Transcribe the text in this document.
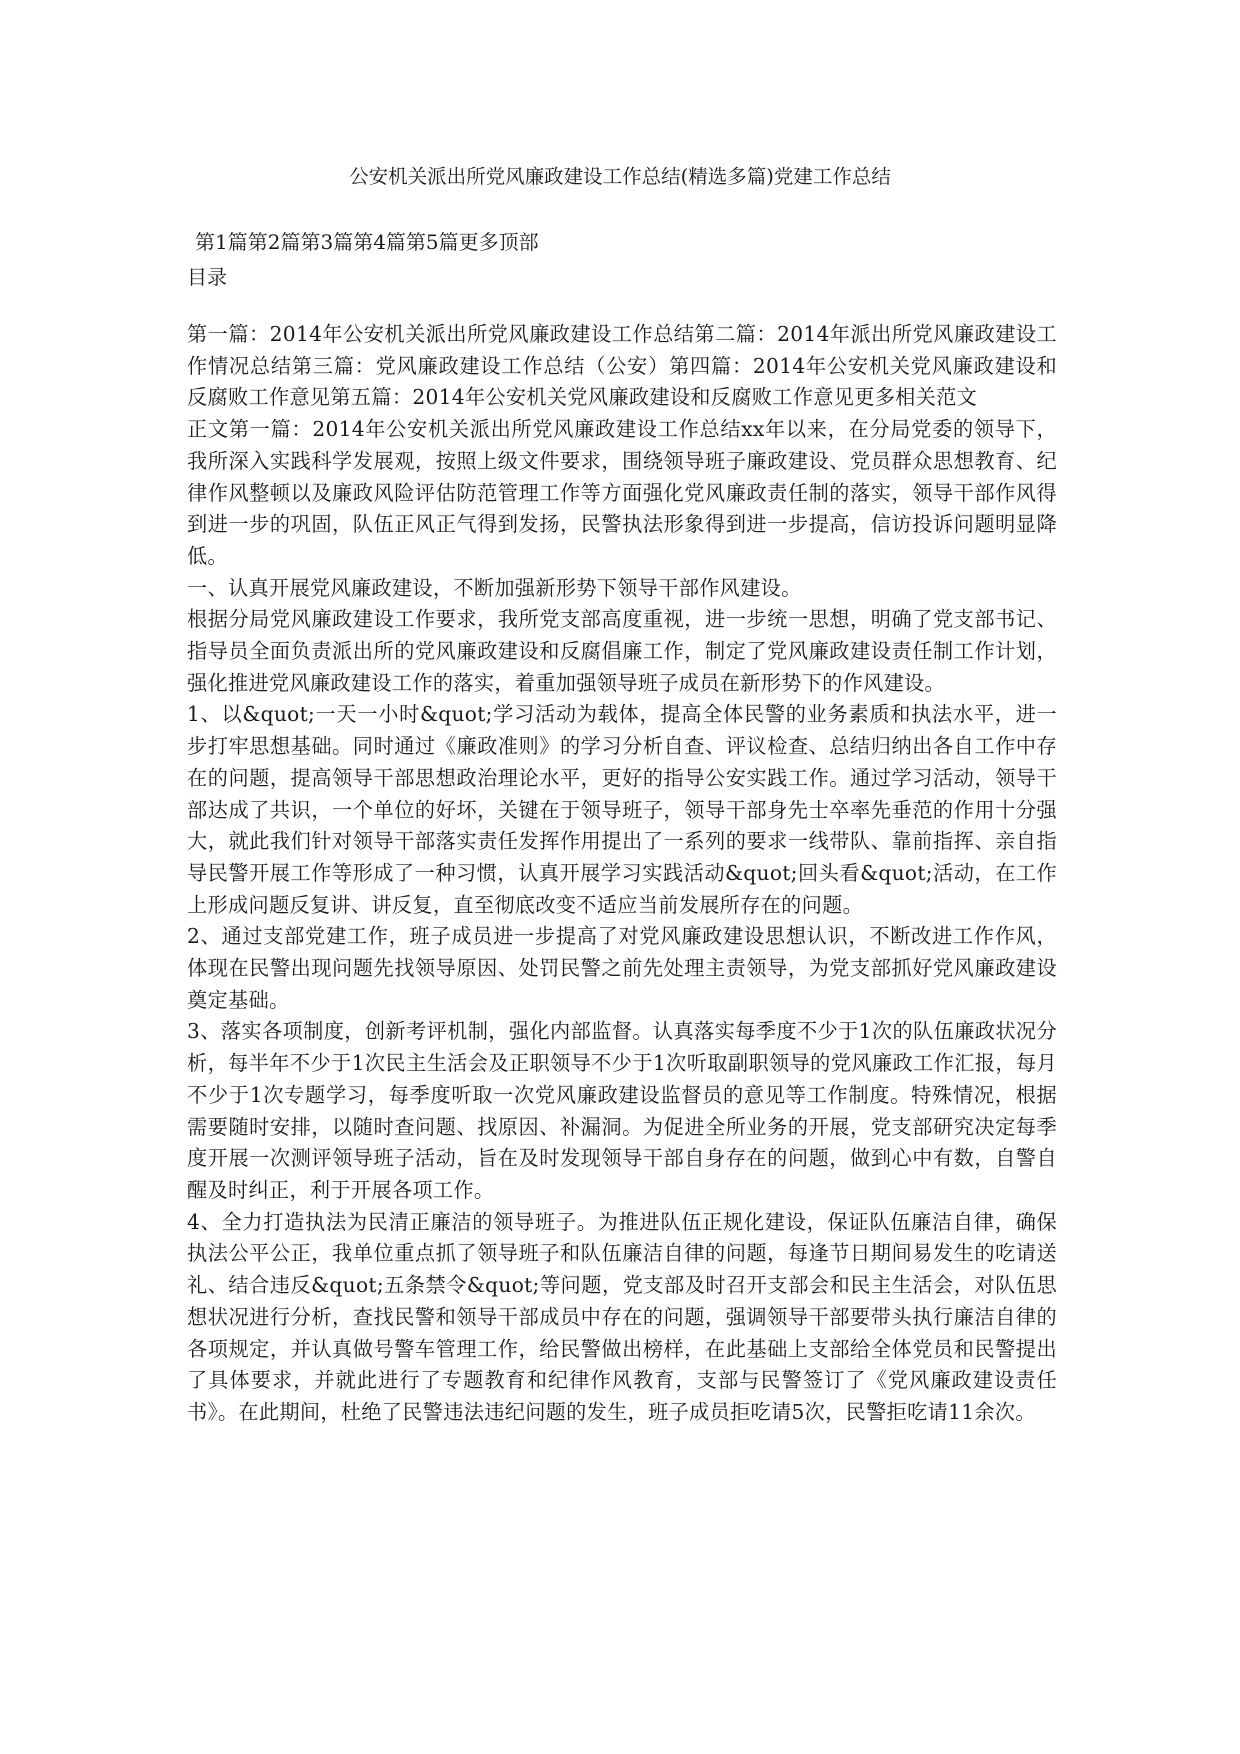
公安机关派出所党风廉政建设工作总结(精选多篇)党建工作总结
第1篇第2篇第3篇第4篇第5篇更多顶部
目录

第一篇：2014年公安机关派出所党风廉政建设工作总结第二篇：2014年派出所党风廉政建设工作情况总结第三篇：党风廉政建设工作总结（公安）第四篇：2014年公安机关党风廉政建设和反腐败工作意见第五篇：2014年公安机关党风廉政建设和反腐败工作意见更多相关范文

正文第一篇：2014年公安机关派出所党风廉政建设工作总结xx年以来，在分局党委的领导下，我所深入实践科学发展观，按照上级文件要求，围绕领导班子廉政建设、党员群众思想教育、纪律作风整顿以及廉政风险评估防范管理工作等方面强化党风廉政责任制的落实，领导干部作风得到进一步的巩固，队伍正风正气得到发扬，民警执法形象得到进一步提高，信访投诉问题明显降低。

一、认真开展党风廉政建设，不断加强新形势下领导干部作风建设。

根据分局党风廉政建设工作要求，我所党支部高度重视，进一步统一思想，明确了党支部书记、指导员全面负责派出所的党风廉政建设和反腐倡廉工作，制定了党风廉政建设责任制工作计划，强化推进党风廉政建设工作的落实，着重加强领导班子成员在新形势下的作风建设。

1、以&quot;一天一小时&quot;学习活动为载体，提高全体民警的业务素质和执法水平，进一步打牢思想基础。同时通过《廉政准则》的学习分析自查、评议检查、总结归纳出各自工作中存在的问题，提高领导干部思想政治理论水平，更好的指导公安实践工作。通过学习活动，领导干部达成了共识，一个单位的好坏，关键在于领导班子，领导干部身先士卒率先垂范的作用十分强大，就此我们针对领导干部落实责任发挥作用提出了一系列的要求一线带队、靠前指挥、亲自指导民警开展工作等形成了一种习惯，认真开展学习实践活动&quot;回头看&quot;活动，在工作上形成问题反复讲、讲反复，直至彻底改变不适应当前发展所存在的问题。

2、通过支部党建工作，班子成员进一步提高了对党风廉政建设思想认识，不断改进工作作风，体现在民警出现问题先找领导原因、处罚民警之前先处理主责领导，为党支部抓好党风廉政建设奠定基础。

3、落实各项制度，创新考评机制，强化内部监督。认真落实每季度不少于1次的队伍廉政状况分析，每半年不少于1次民主生活会及正职领导不少于1次听取副职领导的党风廉政工作汇报，每月不少于1次专题学习，每季度听取一次党风廉政建设监督员的意见等工作制度。特殊情况，根据需要随时安排，以随时查问题、找原因、补漏洞。为促进全所业务的开展，党支部研究决定每季度开展一次测评领导班子活动，旨在及时发现领导干部自身存在的问题，做到心中有数，自警自醒及时纠正，利于开展各项工作。

4、全力打造执法为民清正廉洁的领导班子。为推进队伍正规化建设，保证队伍廉洁自律，确保执法公平公正，我单位重点抓了领导班子和队伍廉洁自律的问题，每逢节日期间易发生的吃请送礼、结合违反&quot;五条禁令&quot;等问题，党支部及时召开支部会和民主生活会，对队伍思想状况进行分析，查找民警和领导干部成员中存在的问题，强调领导干部要带头执行廉洁自律的各项规定，并认真做号警车管理工作，给民警做出榜样，在此基础上支部给全体党员和民警提出了具体要求，并就此进行了专题教育和纪律作风教育，支部与民警签订了《党风廉政建设责任书》。在此期间，杜绝了民警违法违纪问题的发生，班子成员拒吃请5次，民警拒吃请11余次。
